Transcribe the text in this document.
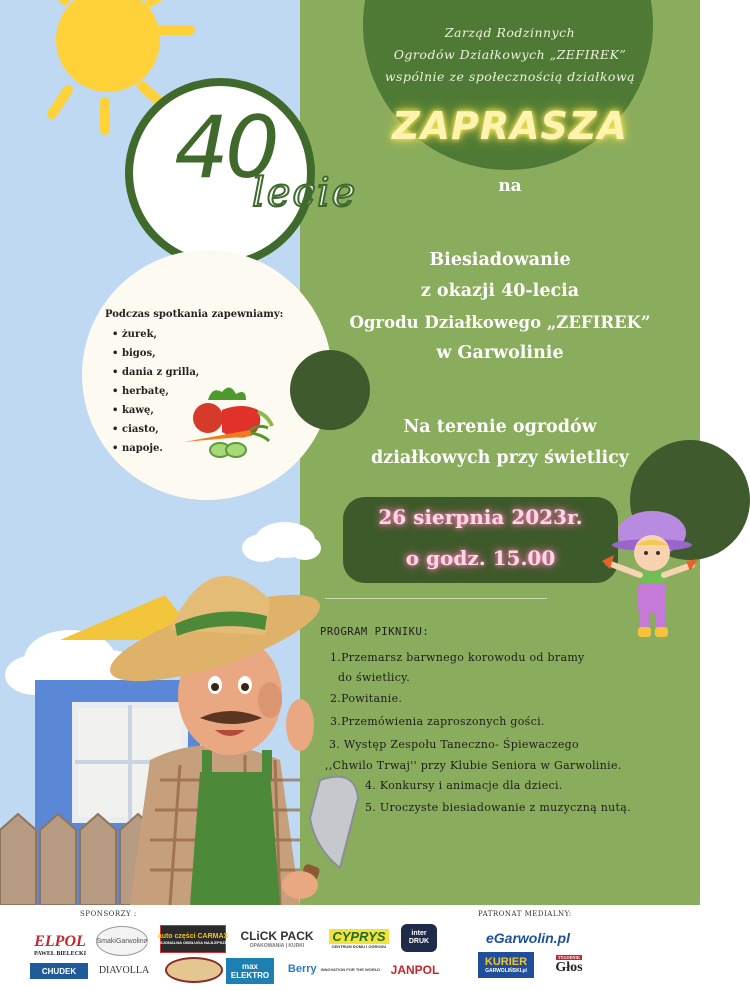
Zarząd Rodzinnych
Ogrodów Działkowych „ZEFIREK”
wspólnie ze społecznością działkową
ZAPRASZA
na
40
lecie
Podczas spotkania zapewniamy:
• żurek,
• bigos,
• dania z grilla,
• herbatę,
• kawę,
• ciasto,
• napoje.
Biesiadowanie
z okazji 40-lecia
Ogrodu Działkowego „ZEFIREK”
w Garwolinie
Na terenie ogrodów
działkowych przy świetlicy
26 sierpnia 2023r.
o godz. 15.00
PROGRAM PIKNIKU:
1.Przemarsz barwnego korowodu od bramy
do świetlicy.
2.Powitanie.
3.Przemówienia zaproszonych gości.
3. Występ Zespołu Taneczno- Śpiewaczego
,,Chwilo Trwaj'' przy Klubie Seniora w Garwolinie.
4. Konkursy i animacje dla dzieci.
5. Uroczyste biesiadowanie z muzyczną nutą.
SPONSORZY :	PATRONAT MEDIALNY:
ELPOL
PAWEŁ BIELECKI
SmakiGarwolina
auto części CARMAX
PROFESJONALNA OBSŁUGA NAJLEPSZE CENY CLiCK PACK
OPAKOWANIA | KURKI
CYPRYS
CENTRUM DOMU I OGRODU
inter DRUK
CHUDEK	DIAVOLLA	max ELEKTRO
Berry INNOVATION FOR THE WORLD JANPOL
eGarwolin.pl
KURIER
GARWOLIŃSKI.pl
TYGODNIK
Głos
